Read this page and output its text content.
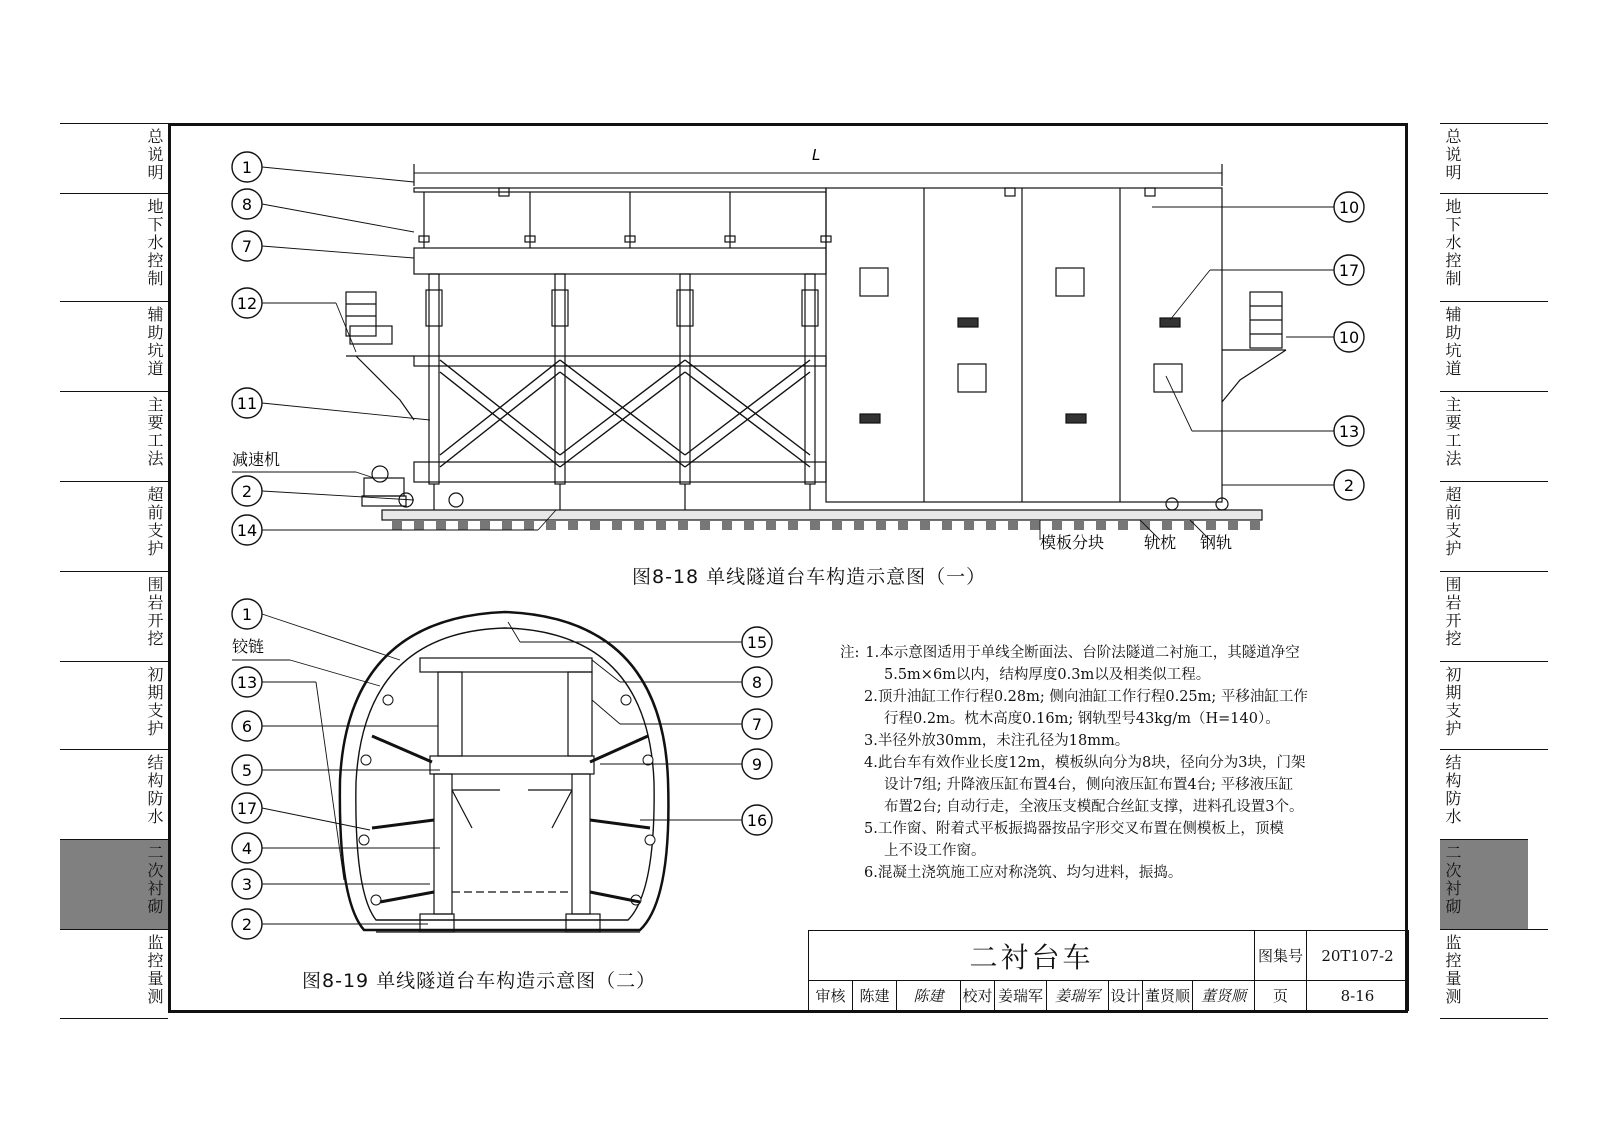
总说明
地下水控制
辅助坑道
主要工法
超前支护
围岩开挖
初期支护
结构防水
二次衬砌
监控量测
总说明
地下水控制
辅助坑道
主要工法
超前支护
围岩开挖
初期支护
结构防水
二次衬砌
监控量测
L
减速机
模板分块 轨枕 钢轨
铰链
1
8
7
12
11
2
14
10
17
10
13
2
1
13
6
5
17
4
3
2
15
8
7
9
16
图8-18 单线隧道台车构造示意图（一）
图8-19 单线隧道台车构造示意图（二）
注: 1.本示意图适用于单线全断面法、台阶法隧道二衬施工，其隧道净空
5.5m×6m以内，结构厚度0.3m以及相类似工程。
2.顶升油缸工作行程0.28m; 侧向油缸工作行程0.25m; 平移油缸工作
行程0.2m。枕木高度0.16m; 钢轨型号43kg/m（H=140）。
3.半径外放30mm，未注孔径为18mm。
4.此台车有效作业长度12m，模板纵向分为8块，径向分为3块，门架
设计7组; 升降液压缸布置4台，侧向液压缸布置4台; 平移液压缸
布置2台; 自动行走，全液压支模配合丝缸支撑，进料孔设置3个。
5.工作窗、附着式平板振捣器按品字形交叉布置在侧模板上，顶模
上不设工作窗。
6.混凝土浇筑施工应对称浇筑、均匀进料，振捣。
二衬台车									图集号	20T107-2
审核	陈建	陈建	校对	姜瑞军	姜瑞军	设计	董贤顺	董贤顺	页	8-16
